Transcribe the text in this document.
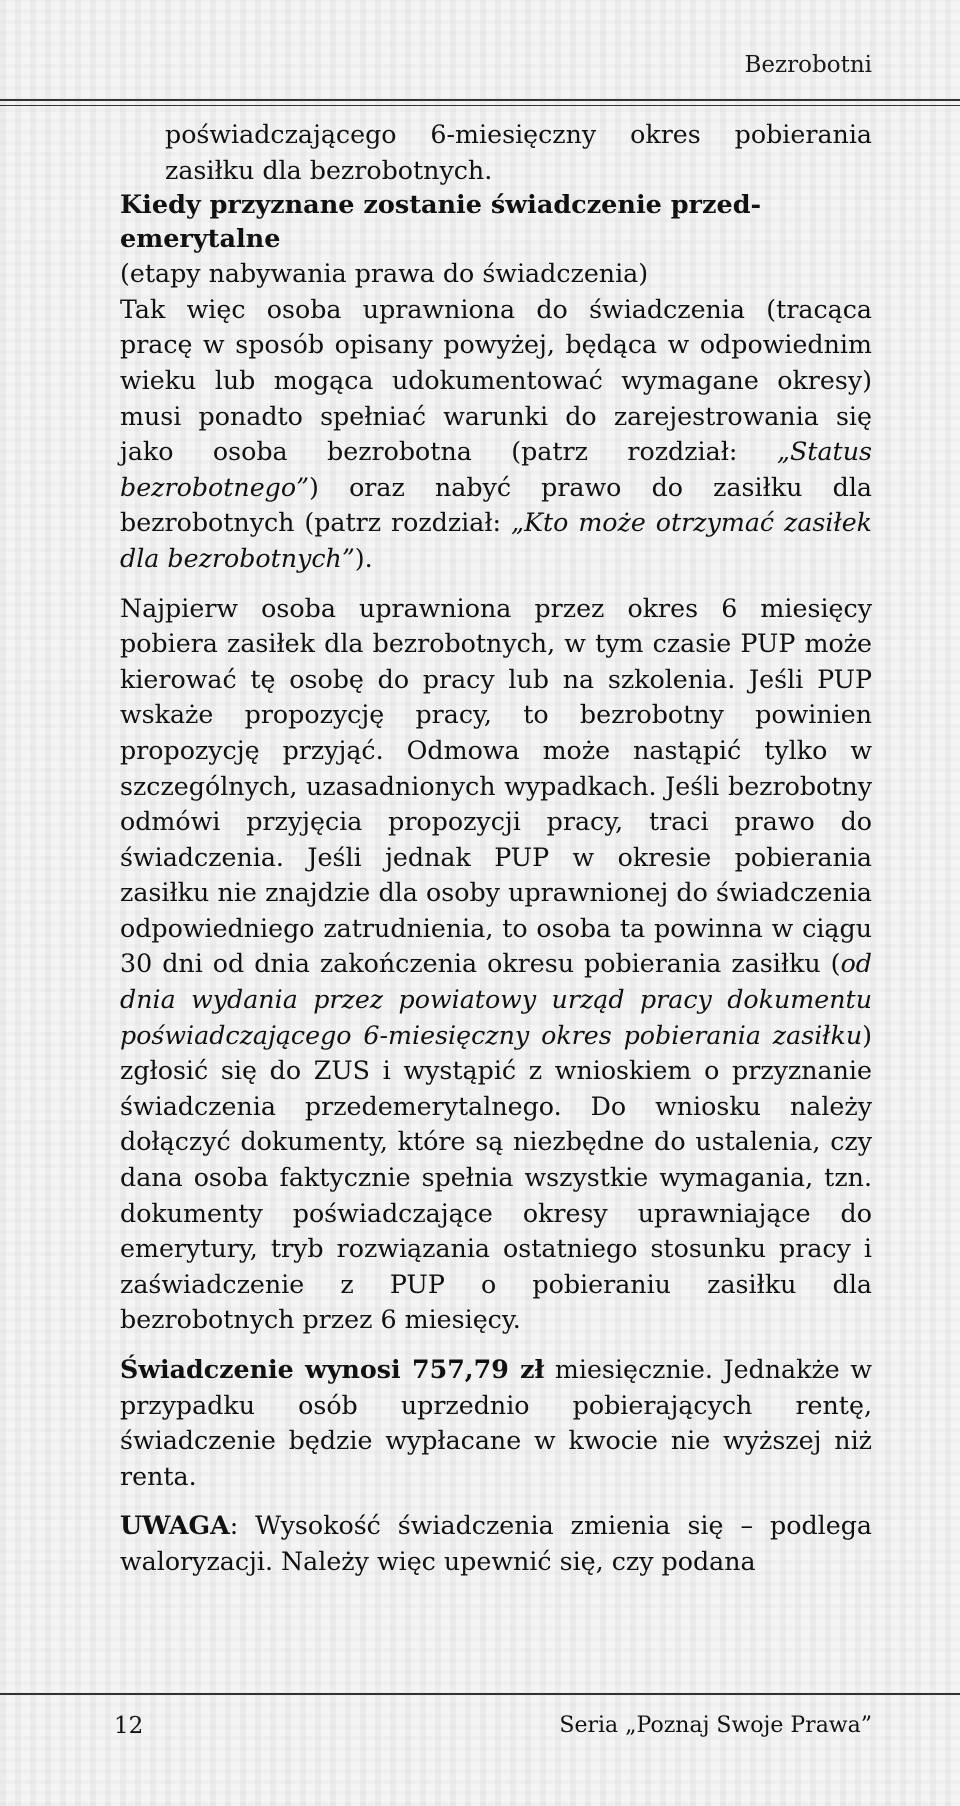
Bezrobotni

poświadczającego 6-miesięczny okres pobierania zasiłku dla bezrobotnych.

Kiedy przyznane zostanie świadczenie przed-
emerytalne

(etapy nabywania prawa do świadczenia)

Tak więc osoba uprawniona do świadczenia (tracąca pracę w sposób opisany powyżej, będąca w odpowiednim wieku lub mogąca udokumentować wymagane okresy) musi ponadto spełniać warunki do zarejestrowania się jako osoba bezrobotna (patrz rozdział: „Status bezrobotnego”) oraz nabyć prawo do zasiłku dla bezrobotnych (patrz rozdział: „Kto może otrzymać zasiłek dla bezrobotnych”).

Najpierw osoba uprawniona przez okres 6 miesięcy pobiera zasiłek dla bezrobotnych, w tym czasie PUP może kierować tę osobę do pracy lub na szkolenia. Jeśli PUP wskaże propozycję pracy, to bezrobotny powinien propozycję przyjąć. Odmowa może nastąpić tylko w szczególnych, uzasadnionych wypadkach. Jeśli bezrobotny odmówi przyjęcia propozycji pracy, traci prawo do świadczenia. Jeśli jednak PUP w okresie pobierania zasiłku nie znajdzie dla osoby uprawnionej do świadczenia odpowiedniego zatrudnienia, to osoba ta powinna w ciągu 30 dni od dnia zakończenia okresu pobierania zasiłku (od dnia wydania przez powiatowy urząd pracy dokumentu poświadczającego 6-miesięczny okres pobierania zasiłku) zgłosić się do ZUS i wystąpić z wnioskiem o przyznanie świadczenia przedemerytalnego. Do wniosku należy dołączyć dokumenty, które są niezbędne do ustalenia, czy dana osoba faktycznie spełnia wszystkie wymagania, tzn. dokumenty poświadczające okresy uprawniające do emerytury, tryb rozwiązania ostatniego stosunku pracy i zaświadczenie z PUP o pobieraniu zasiłku dla bezrobotnych przez 6 miesięcy.

Świadczenie wynosi 757,79 zł miesięcznie. Jednakże w przypadku osób uprzednio pobierających rentę, świadczenie będzie wypłacane w kwocie nie wyższej niż renta.

UWAGA: Wysokość świadczenia zmienia się – podlega waloryzacji. Należy więc upewnić się, czy podana

12	Seria „Poznaj Swoje Prawa”
